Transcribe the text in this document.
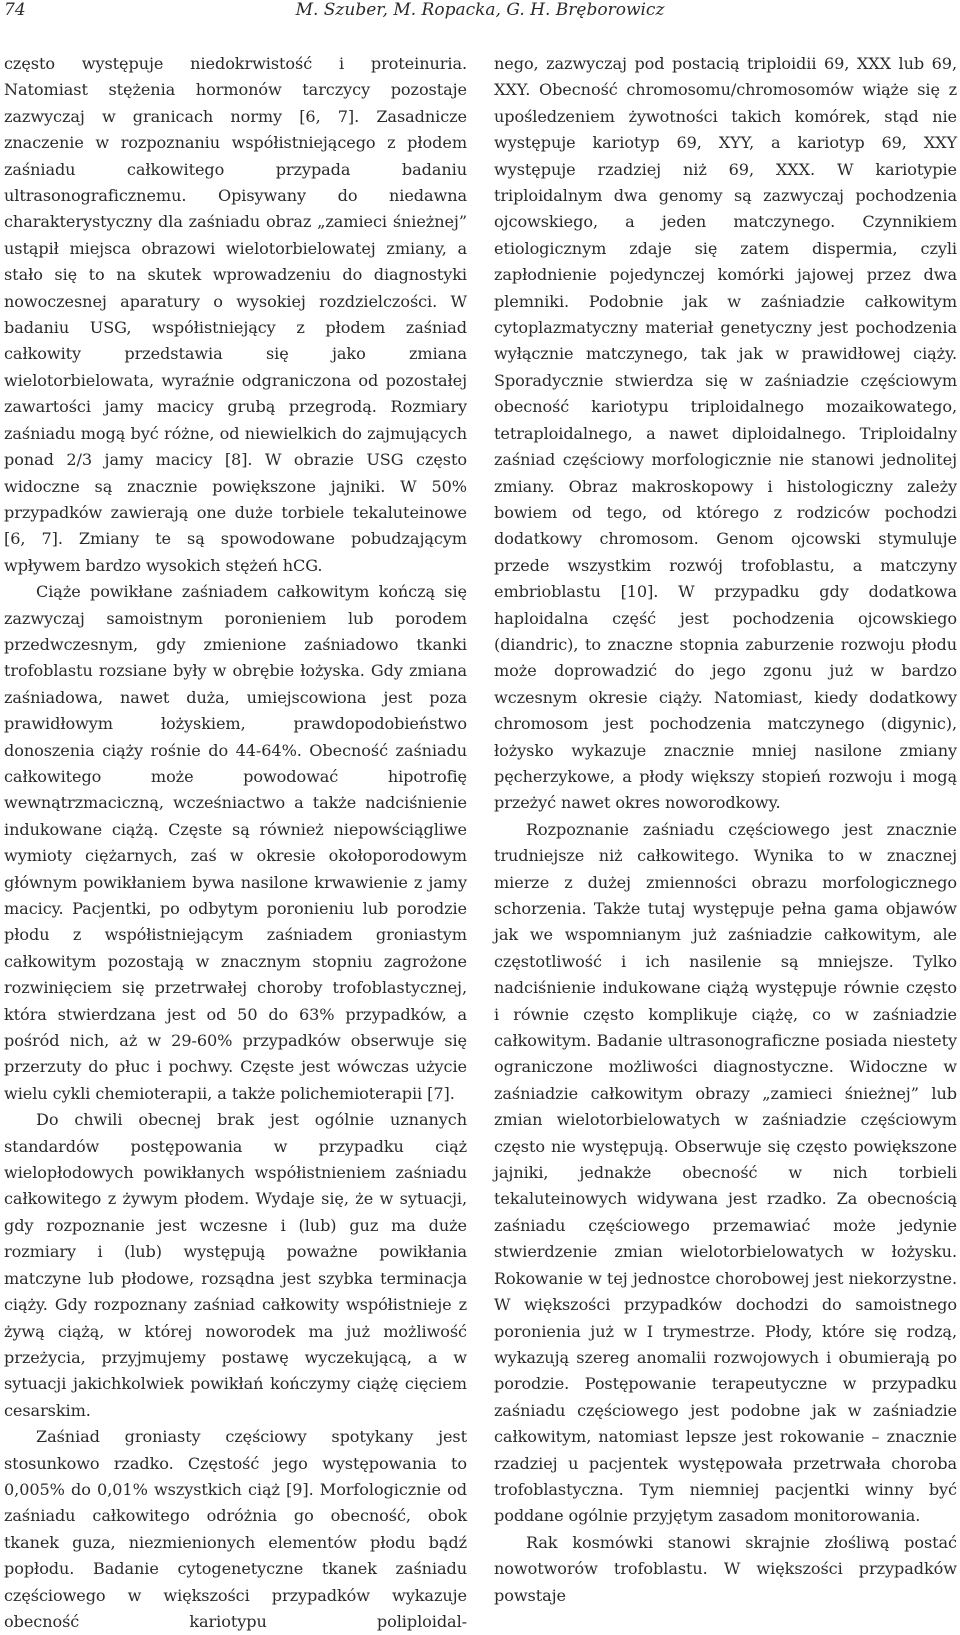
74	M. Szuber, M. Ropacka, G. H. Bręborowicz

często występuje niedokrwistość i proteinuria. Natomiast stężenia hormonów tarczycy pozostaje zazwyczaj w granicach normy [6, 7]. Zasadnicze znaczenie w rozpoznaniu współistniejącego z płodem zaśniadu całkowitego przypada badaniu ultrasonograficznemu. Opisywany do niedawna charakterystyczny dla zaśniadu obraz „zamieci śnieżnej” ustąpił miejsca obrazowi wielotorbielowatej zmiany, a stało się to na skutek wprowadzeniu do diagnostyki nowoczesnej aparatury o wysokiej rozdzielczości. W badaniu USG, współistniejący z płodem zaśniad całkowity przedstawia się jako zmiana wielotorbielowata, wyraźnie odgraniczona od pozostałej zawartości jamy macicy grubą przegrodą. Rozmiary zaśniadu mogą być różne, od niewielkich do zajmujących ponad 2/3 jamy macicy [8]. W obrazie USG często widoczne są znacznie powiększone jajniki. W 50% przypadków zawierają one duże torbiele tekaluteinowe [6, 7]. Zmiany te są spowodowane pobudzającym wpływem bardzo wysokich stężeń hCG.

Ciąże powikłane zaśniadem całkowitym kończą się zazwyczaj samoistnym poronieniem lub porodem przedwczesnym, gdy zmienione zaśniadowo tkanki trofoblastu rozsiane były w obrębie łożyska. Gdy zmiana zaśniadowa, nawet duża, umiejscowiona jest poza prawidłowym łożyskiem, prawdopodobieństwo donoszenia ciąży rośnie do 44-64%. Obecność zaśniadu całkowitego może powodować hipotrofię wewnątrzmaciczną, wcześniactwo a także nadciśnienie indukowane ciążą. Częste są również niepowściągliwe wymioty ciężarnych, zaś w okresie okołoporodowym głównym powikłaniem bywa nasilone krwawienie z jamy macicy. Pacjentki, po odbytym poronieniu lub porodzie płodu z współistniejącym zaśniadem groniastym całkowitym pozostają w znacznym stopniu zagrożone rozwinięciem się przetrwałej choroby trofoblastycznej, która stwierdzana jest od 50 do 63% przypadków, a pośród nich, aż w 29-60% przypadków obserwuje się przerzuty do płuc i pochwy. Częste jest wówczas użycie wielu cykli chemioterapii, a także polichemioterapii [7].

Do chwili obecnej brak jest ogólnie uznanych standardów postępowania w przypadku ciąż wielopłodowych powikłanych współistnieniem zaśniadu całkowitego z żywym płodem. Wydaje się, że w sytuacji, gdy rozpoznanie jest wczesne i (lub) guz ma duże rozmiary i (lub) występują poważne powikłania matczyne lub płodowe, rozsądna jest szybka terminacja ciąży. Gdy rozpoznany zaśniad całkowity współistnieje z żywą ciążą, w której noworodek ma już możliwość przeżycia, przyjmujemy postawę wyczekującą, a w sytuacji jakichkolwiek powikłań kończymy ciążę cięciem cesarskim.

Zaśniad groniasty częściowy spotykany jest stosunkowo rzadko. Częstość jego występowania to 0,005% do 0,01% wszystkich ciąż [9]. Morfologicznie od zaśniadu całkowitego odróżnia go obecność, obok tkanek guza, niezmienionych elementów płodu bądź popłodu. Badanie cytogenetyczne tkanek zaśniadu częściowego w większości przypadków wykazuje obecność kariotypu poliploidal-

nego, zazwyczaj pod postacią triploidii 69, XXX lub 69, XXY. Obecność chromosomu/chromosomów wiąże się z upośledzeniem żywotności takich komórek, stąd nie występuje kariotyp 69, XYY, a kariotyp 69, XXY występuje rzadziej niż 69, XXX. W kariotypie triploidalnym dwa genomy są zazwyczaj pochodzenia ojcowskiego, a jeden matczynego. Czynnikiem etiologicznym zdaje się zatem dispermia, czyli zapłodnienie pojedynczej komórki jajowej przez dwa plemniki. Podobnie jak w zaśniadzie całkowitym cytoplazmatyczny materiał genetyczny jest pochodzenia wyłącznie matczynego, tak jak w prawidłowej ciąży. Sporadycznie stwierdza się w zaśniadzie częściowym obecność kariotypu triploidalnego mozaikowatego, tetraploidalnego, a nawet diploidalnego. Triploidalny zaśniad częściowy morfologicznie nie stanowi jednolitej zmiany. Obraz makroskopowy i histologiczny zależy bowiem od tego, od którego z rodziców pochodzi dodatkowy chromosom. Genom ojcowski stymuluje przede wszystkim rozwój trofoblastu, a matczyny embrioblastu [10]. W przypadku gdy dodatkowa haploidalna część jest pochodzenia ojcowskiego (diandric), to znaczne stopnia zaburzenie rozwoju płodu może doprowadzić do jego zgonu już w bardzo wczesnym okresie ciąży. Natomiast, kiedy dodatkowy chromosom jest pochodzenia matczynego (digynic), łożysko wykazuje znacznie mniej nasilone zmiany pęcherzykowe, a płody większy stopień rozwoju i mogą przeżyć nawet okres noworodkowy.

Rozpoznanie zaśniadu częściowego jest znacznie trudniejsze niż całkowitego. Wynika to w znacznej mierze z dużej zmienności obrazu morfologicznego schorzenia. Także tutaj występuje pełna gama objawów jak we wspomnianym już zaśniadzie całkowitym, ale częstotliwość i ich nasilenie są mniejsze. Tylko nadciśnienie indukowane ciążą występuje równie często i równie często komplikuje ciążę, co w zaśniadzie całkowitym. Badanie ultrasonograficzne posiada niestety ograniczone możliwości diagnostyczne. Widoczne w zaśniadzie całkowitym obrazy „zamieci śnieżnej” lub zmian wielotorbielowatych w zaśniadzie częściowym często nie występują. Obserwuje się często powiększone jajniki, jednakże obecność w nich torbieli tekaluteinowych widywana jest rzadko. Za obecnością zaśniadu częściowego przemawiać może jedynie stwierdzenie zmian wielotorbielowatych w łożysku. Rokowanie w tej jednostce chorobowej jest niekorzystne. W większości przypadków dochodzi do samoistnego poronienia już w I trymestrze. Płody, które się rodzą, wykazują szereg anomalii rozwojowych i obumierają po porodzie. Postępowanie terapeutyczne w przypadku zaśniadu częściowego jest podobne jak w zaśniadzie całkowitym, natomiast lepsze jest rokowanie – znacznie rzadziej u pacjentek występowała przetrwała choroba trofoblastyczna. Tym niemniej pacjentki winny być poddane ogólnie przyjętym zasadom monitorowania.

Rak kosmówki stanowi skrajnie złośliwą postać nowotworów trofoblastu. W większości przypadków powstaje
